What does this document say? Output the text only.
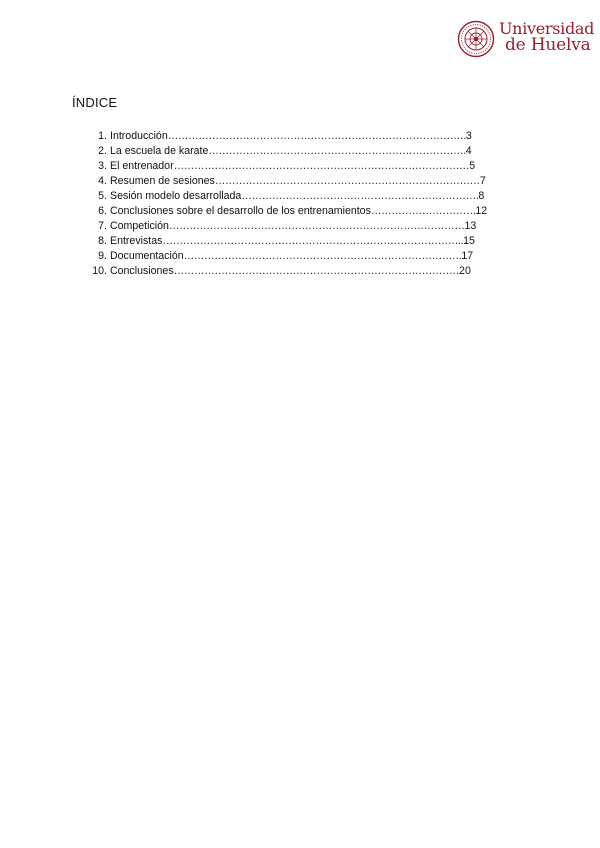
Universidad
de Huelva
ÍNDICE
1. Introducción ……………………………………………………………………………. 3
2. La escuela de karate …………………………………………………………………. 4
3. El entrenador …………………………………………………………………………… 5
4. Resumen de sesiones …………………………………………………………………… 7
5. Sesión modelo desarrollada ……………………………………………………………. 8
6. Conclusiones sobre el desarrollo de los entrenamientos …………………………. 12
7. Competición …………………………………………………………………………… 13
8. Entrevistas …………………………………………………………………………….. 15
9. Documentación ………………………………………………………………………. 17
10. Conclusiones ………………………………………………………………………… 20
